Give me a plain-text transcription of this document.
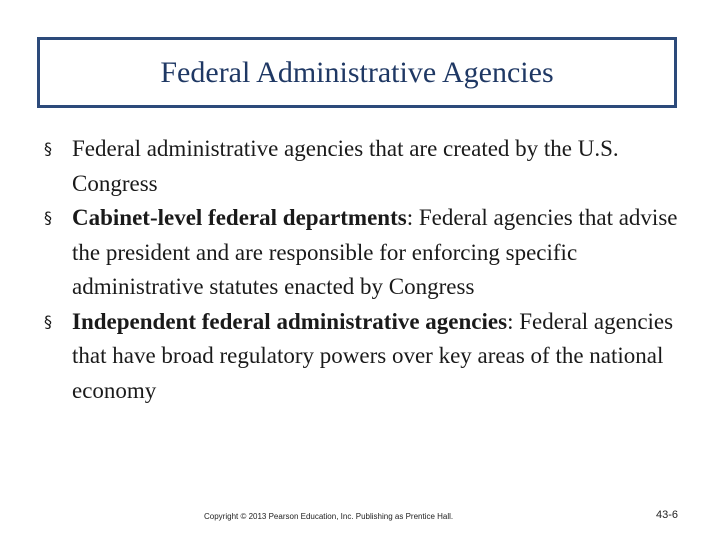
Federal Administrative Agencies
§ Federal administrative agencies that are created by the U.S. Congress
§ Cabinet-level federal departments: Federal agencies that advise the president and are responsible for enforcing specific administrative statutes enacted by Congress
§ Independent federal administrative agencies: Federal agencies that have broad regulatory powers over key areas of the national economy
Copyright © 2013 Pearson Education, Inc. Publishing as Prentice Hall.	43-6
